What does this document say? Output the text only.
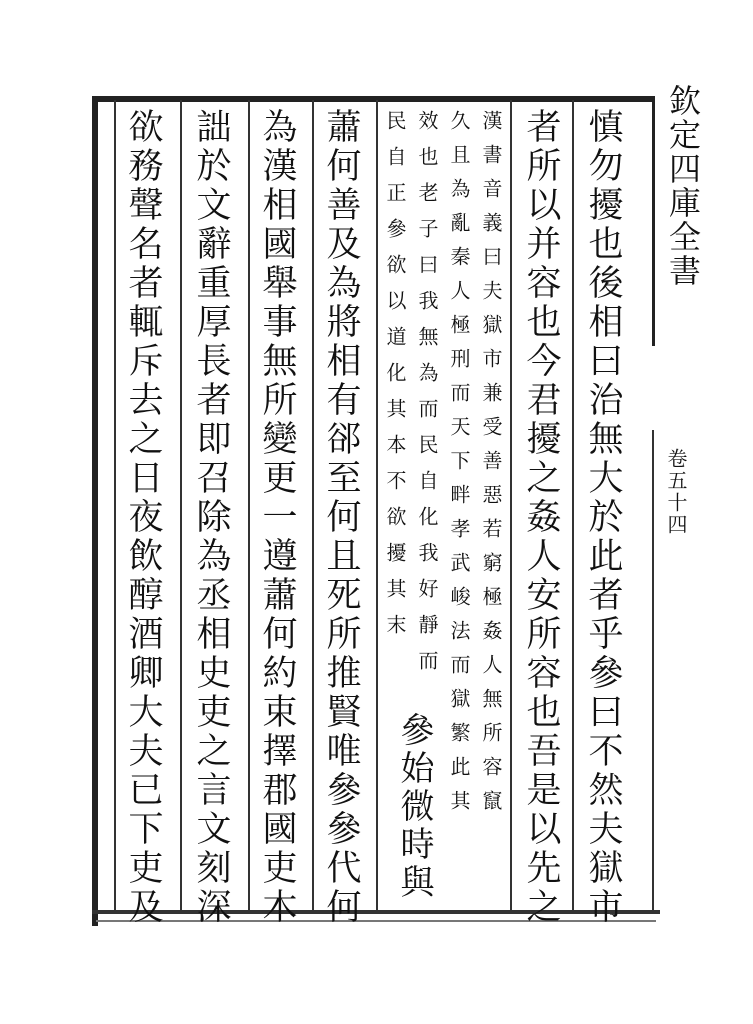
欽定四庫全書
卷五十四
慎勿擾也後相曰治無大於此者乎參曰不然夫獄市
者所以并容也今君擾之姦人安所容也吾是以先之
漢書音義曰夫獄市兼受善惡若窮極姦人無所容竄
久且為亂秦人極刑而天下畔孝武峻法而獄繁此其
效也老子曰我無為而民自化我好靜而
民自正參欲以道化其本不欲擾其末
參始微時與
蕭何善及為將相有郤至何且死所推賢唯參參代何
為漢相國舉事無所變更一遵蕭何約束擇郡國吏木
詘於文辭重厚長者即召除為丞相史吏之言文刻深
欲務聲名者輒斥去之日夜飲醇酒卿大夫已下吏及
